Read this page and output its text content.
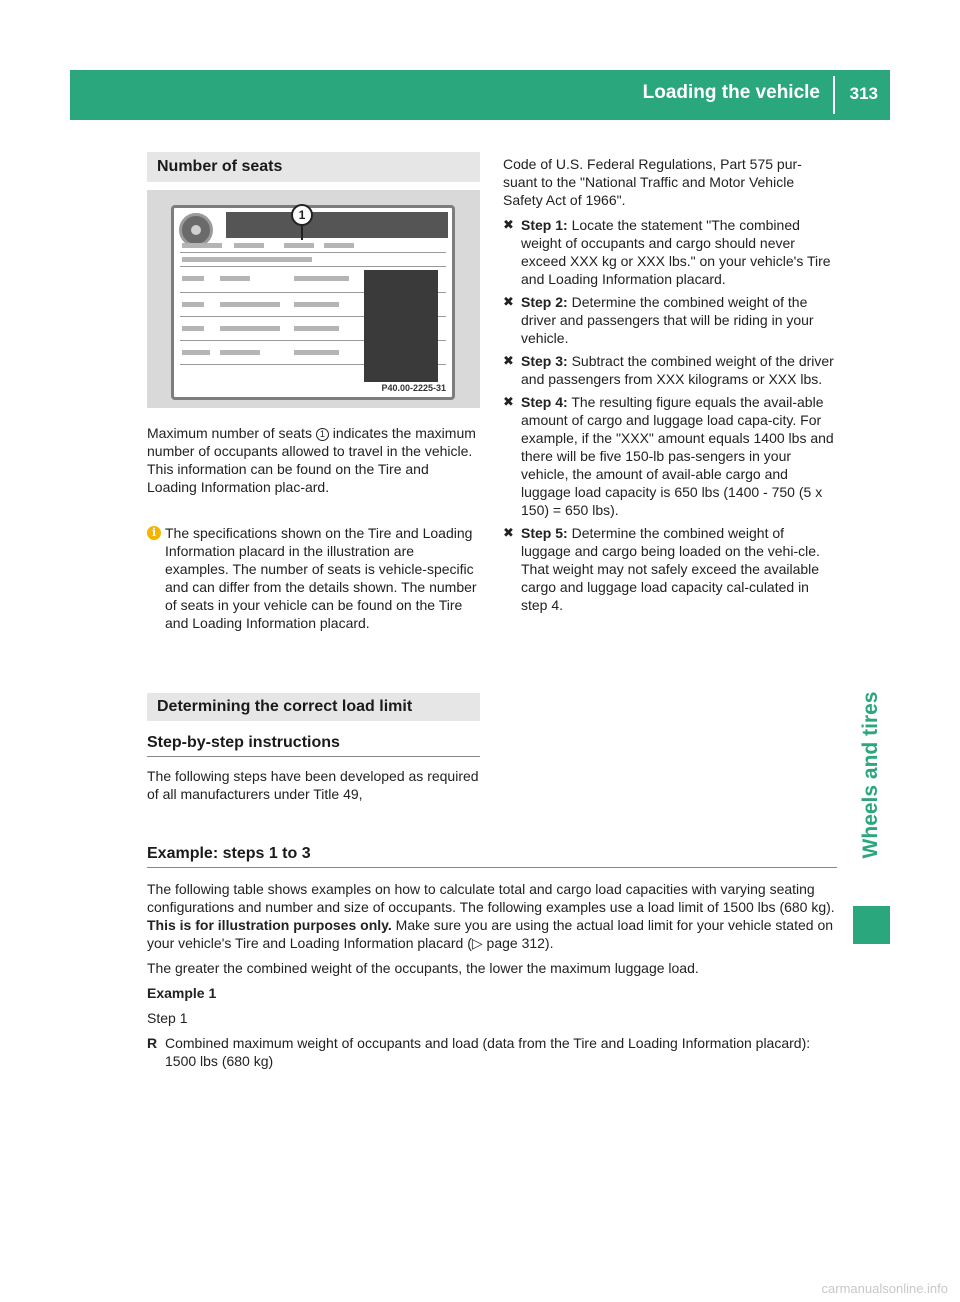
Loading the vehicle 313
Wheels and tires
Number of seats
1
P40.00-2225-31
Maximum number of seats 1 indicates the maximum number of occupants allowed to travel in the vehicle. This information can be found on the Tire and Loading Information plac-ard.
i The specifications shown on the Tire and Loading Information placard in the illustration are examples. The number of seats is vehicle-specific and can differ from the details shown. The number of seats in your vehicle can be found on the Tire and Loading Information placard.
Determining the correct load limit
Step-by-step instructions
The following steps have been developed as required of all manufacturers under Title 49,

Code of U.S. Federal Regulations, Part 575 pur-suant to the "National Traffic and Motor Vehicle Safety Act of 1966".

✖ Step 1: Locate the statement "The combined weight of occupants and cargo should never exceed XXX kg or XXX lbs." on your vehicle's Tire and Loading Information placard.
✖ Step 2: Determine the combined weight of the driver and passengers that will be riding in your vehicle.
✖ Step 3: Subtract the combined weight of the driver and passengers from XXX kilograms or XXX lbs.
✖ Step 4: The resulting figure equals the avail-able amount of cargo and luggage load capa-city. For example, if the "XXX" amount equals 1400 lbs and there will be five 150-lb pas-sengers in your vehicle, the amount of avail-able cargo and luggage load capacity is 650 lbs (1400 - 750 (5 x 150) = 650 lbs).
✖ Step 5: Determine the combined weight of luggage and cargo being loaded on the vehi-cle. That weight may not safely exceed the available cargo and luggage load capacity cal-culated in step 4.
Example: steps 1 to 3

The following table shows examples on how to calculate total and cargo load capacities with varying seating configurations and number and size of occupants. The following examples use a load limit of 1500 lbs (680 kg). This is for illustration purposes only. Make sure you are using the actual load limit for your vehicle stated on your vehicle's Tire and Loading Information placard (▷ page 312).

The greater the combined weight of the occupants, the lower the maximum luggage load.

Example 1

Step 1

R Combined maximum weight of occupants and load (data from the Tire and Loading Information placard): 1500 lbs (680 kg)
carmanualsonline.info
